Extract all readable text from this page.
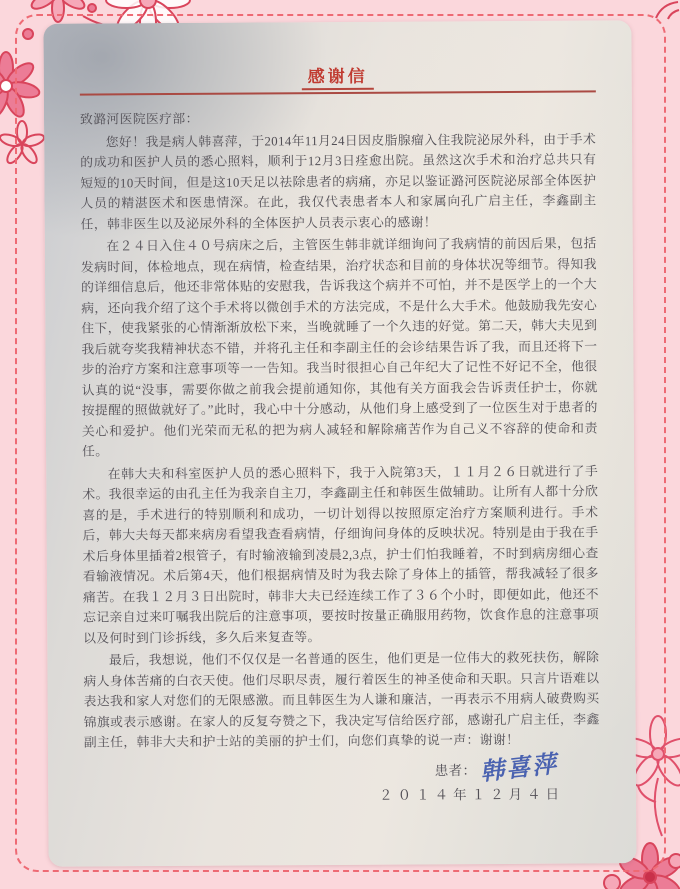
感谢信
致潞河医院医疗部：

您好！我是病人韩喜萍，于2014年11月24日因皮脂腺瘤入住我院泌尿外科，由于手术的成功和医护人员的悉心照料，顺利于12月3日痊愈出院。虽然这次手术和治疗总共只有短短的10天时间，但是这10天足以祛除患者的病痛，亦足以鉴证潞河医院泌尿部全体医护人员的精湛医术和医患情深。在此，我仅代表患者本人和家属向孔广启主任，李鑫副主任，韩非医生以及泌尿外科的全体医护人员表示衷心的感谢！

在２４日入住４０号病床之后，主管医生韩非就详细询问了我病情的前因后果，包括发病时间，体检地点，现在病情，检查结果，治疗状态和目前的身体状况等细节。得知我的详细信息后，他还非常体贴的安慰我，告诉我这个病并不可怕，并不是医学上的一个大病，还向我介绍了这个手术将以微创手术的方法完成，不是什么大手术。他鼓励我先安心住下，使我紧张的心情渐渐放松下来，当晚就睡了一个久违的好觉。第二天，韩大夫见到我后就夸奖我精神状态不错，并将孔主任和李副主任的会诊结果告诉了我，而且还将下一步的治疗方案和注意事项等一一告知。我当时很担心自己年纪大了记性不好记不全，他很认真的说“没事，需要你做之前我会提前通知你，其他有关方面我会告诉责任护士，你就按提醒的照做就好了。”此时，我心中十分感动，从他们身上感受到了一位医生对于患者的关心和爱护。他们光荣而无私的把为病人减轻和解除痛苦作为自己义不容辞的使命和责任。

在韩大夫和科室医护人员的悉心照料下，我于入院第3天，１１月２６日就进行了手术。我很幸运的由孔主任为我亲自主刀，李鑫副主任和韩医生做辅助。让所有人都十分欣喜的是，手术进行的特别顺利和成功，一切计划得以按照原定治疗方案顺利进行。手术后，韩大夫每天都来病房看望我查看病情，仔细询问身体的反映状况。特别是由于我在手术后身体里插着2根管子，有时输液输到凌晨2,3点，护士们怕我睡着，不时到病房细心查看输液情况。术后第4天，他们根据病情及时为我去除了身体上的插管，帮我减轻了很多痛苦。在我１２月３日出院时，韩非大夫已经连续工作了３６个小时，即便如此，他还不忘记亲自过来叮嘱我出院后的注意事项，要按时按量正确服用药物，饮食作息的注意事项以及何时到门诊拆线，多久后来复查等。

最后，我想说，他们不仅仅是一名普通的医生，他们更是一位伟大的救死扶伤，解除病人身体苦痛的白衣天使。他们尽职尽责，履行着医生的神圣使命和天职。只言片语难以表达我和家人对您们的无限感激。而且韩医生为人谦和廉洁，一再表示不用病人破费购买锦旗或表示感谢。在家人的反复夸赞之下，我决定写信给医疗部，感谢孔广启主任，李鑫副主任，韩非大夫和护士站的美丽的护士们，向您们真挚的说一声：谢谢！

患者： 韩喜萍
２０１４年１２月４日
